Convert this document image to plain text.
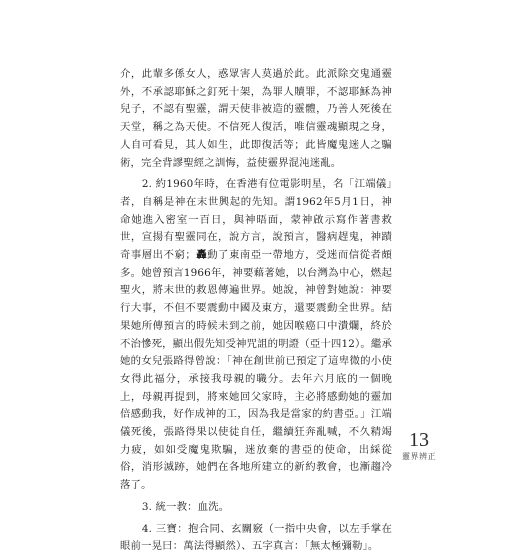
介，此輩多係女人，惑眾害人莫過於此。此派除交鬼通靈外，不承認耶穌之釘死十架，為罪人贖罪，不認耶穌為神兒子，不認有聖靈，謂天使非被造的靈體，乃善人死後在天堂，稱之為天使。不信死人復活，唯信靈魂顯現之身，人自可看見，其人如生，此即復活等；此皆魔鬼迷人之騙術，完全背謬聖經之訓悔，益使靈界混沌迷亂。

2. 約1960年時，在香港有位電影明星，名「江端儀」者，自稱是神在末世興起的先知。謂1962年5月1日，神命她進入密室一百日，與神晤面，蒙神啟示寫作著書救世，宣揚有聖靈同在，說方言，說預言，醫病趕鬼，神蹟奇事層出不窮；轟動了東南亞一帶地方，受迷而信從者頗多。她曾預言1966年，神要藉著她，以台灣為中心，燃起聖火，將末世的救恩傳遍世界。她說，神曾對她說：神要行大事，不但不要震動中國及東方，還要震動全世界。結果她所傳預言的時候未到之前，她因喉癌口中潰爛，終於不治慘死，顯出假先知受神咒詛的明證（亞十四12）。繼承她的女兒張路得曾說：「神在創世前已預定了這卑微的小使女得此福分，承接我母親的職分。去年六月底的一個晚上，母親再提到，將來她回父家時，主必將感動她的靈加倍感動我，好作成神的工，因為我是當家的約書亞。」江端儀死後，張路得果以使徒自任，繼續狂奔亂喊，不久精竭力疲，如如受魔鬼欺騙，迷放棄的書亞的使命，出綵從俗，消形滅跡，她們在各地所建立的新約教會，也漸趨冷落了。

3. 統一教：血洗。

4. 三寶：抱合同、玄關竅（一指中央會，以左手掌在眼前一晃曰：萬法得顯然）、五字真言：「無太極彌勒」。

13
靈界辨正
